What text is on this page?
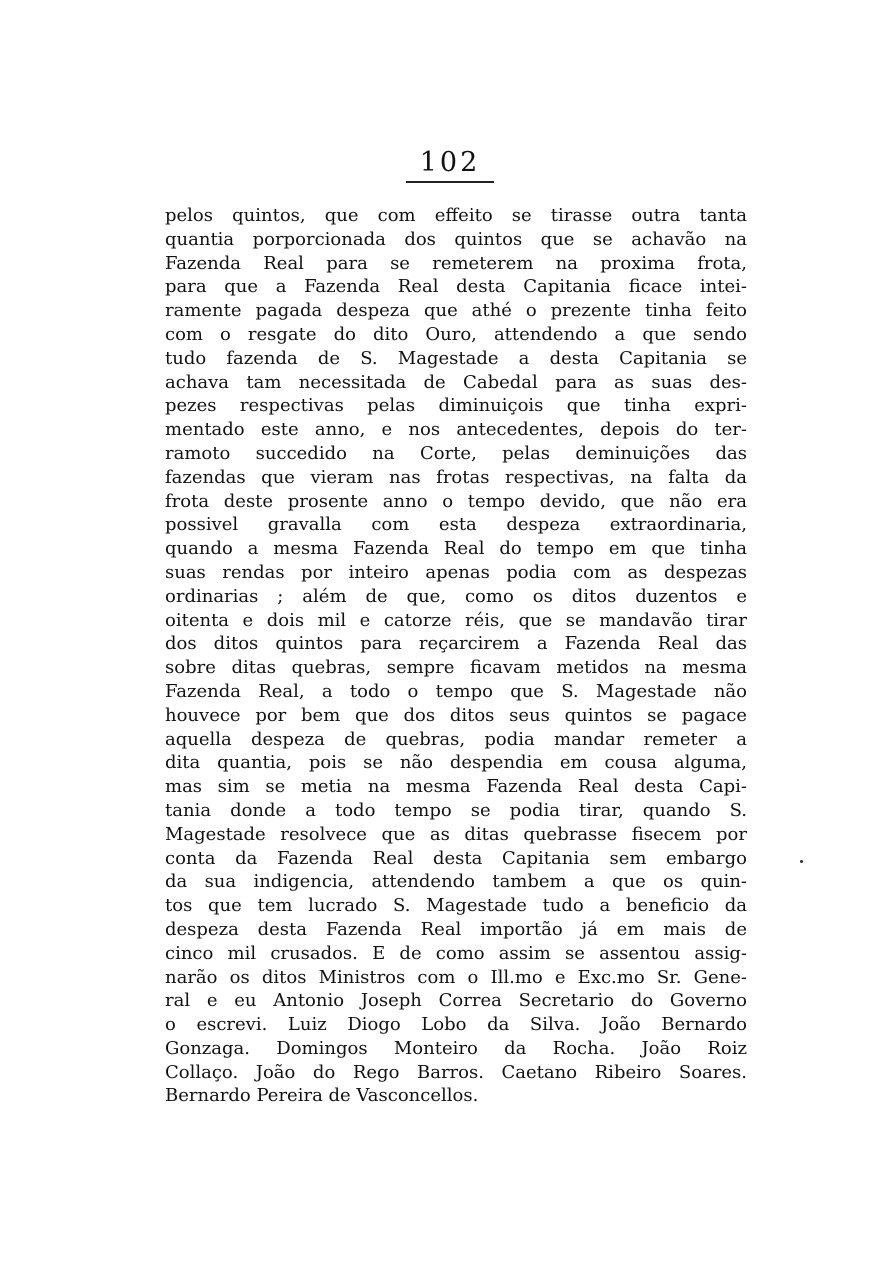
102
pelos quintos, que com effeito se tirasse outra tanta
quantia porporcionada dos quintos que se achavão na
Fazenda Real para se remeterem na proxima frota,
para que a Fazenda Real desta Capitania ficace intei-
ramente pagada despeza que athé o prezente tinha feito
com o resgate do dito Ouro, attendendo a que sendo
tudo fazenda de S. Magestade a desta Capitania se
achava tam necessitada de Cabedal para as suas des-
pezes respectivas pelas diminuiçois que tinha expri-
mentado este anno, e nos antecedentes, depois do ter-
ramoto succedido na Corte, pelas deminuições das
fazendas que vieram nas frotas respectivas, na falta da
frota deste prosente anno o tempo devido, que não era
possivel gravalla com esta despeza extraordinaria,
quando a mesma Fazenda Real do tempo em que tinha
suas rendas por inteiro apenas podia com as despezas
ordinarias ; além de que, como os ditos duzentos e
oitenta e dois mil e catorze réis, que se mandavão tirar
dos ditos quintos para reçarcirem a Fazenda Real das
sobre ditas quebras, sempre ficavam metidos na mesma
Fazenda Real, a todo o tempo que S. Magestade não
houvece por bem que dos ditos seus quintos se pagace
aquella despeza de quebras, podia mandar remeter a
dita quantia, pois se não despendia em cousa alguma,
mas sim se metia na mesma Fazenda Real desta Capi-
tania donde a todo tempo se podia tirar, quando S.
Magestade resolvece que as ditas quebrasse fisecem por
conta da Fazenda Real desta Capitania sem embargo
da sua indigencia, attendendo tambem a que os quin-
tos que tem lucrado S. Magestade tudo a beneficio da
despeza desta Fazenda Real importão já em mais de
cinco mil crusados. E de como assim se assentou assig-
narão os ditos Ministros com o Ill.mo e Exc.mo Sr. Gene-
ral e eu Antonio Joseph Correa Secretario do Governo
o escrevi. Luiz Diogo Lobo da Silva. João Bernardo
Gonzaga. Domingos Monteiro da Rocha. João Roiz
Collaço. João do Rego Barros. Caetano Ribeiro Soares.
Bernardo Pereira de Vasconcellos.
